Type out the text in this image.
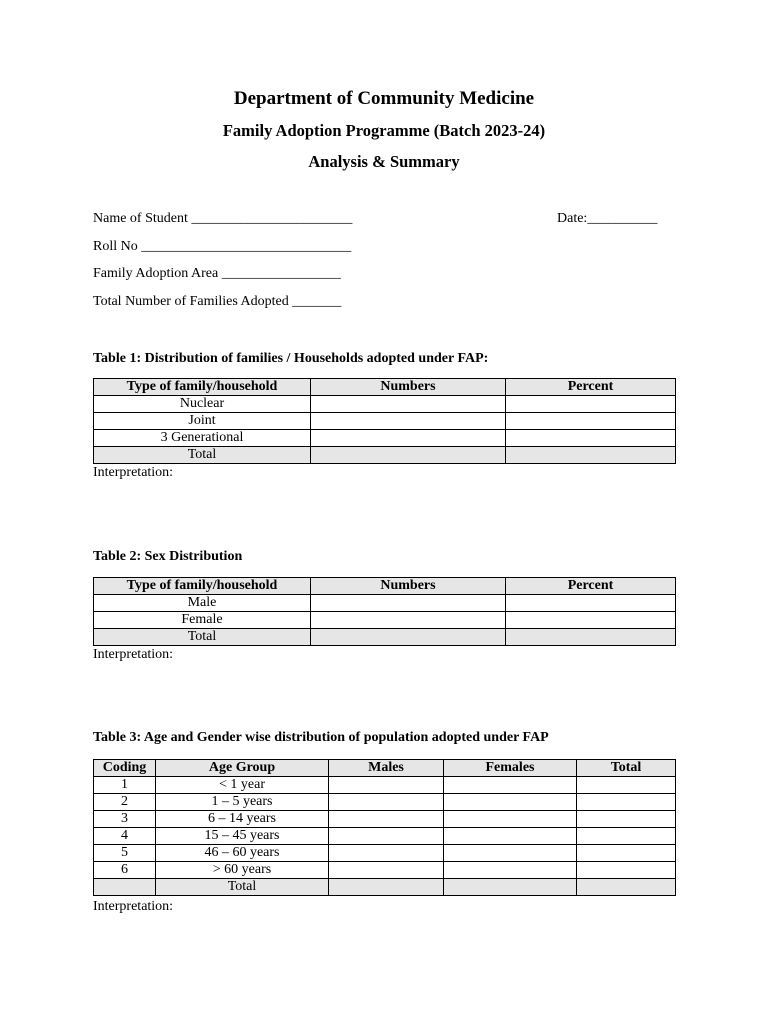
Department of Community Medicine
Family Adoption Programme (Batch 2023-24)
Analysis & Summary
Name of Student _______________________	Date:__________
Roll No ______________________________
Family Adoption Area _________________
Total Number of Families Adopted _______
Table 1: Distribution of families / Households adopted under FAP:
Type of family/household	Numbers	Percent
Nuclear		
Joint		
3 Generational		
Total		
Interpretation:
Table 2: Sex Distribution
Type of family/household	Numbers	Percent
Male		
Female		
Total		
Interpretation:
Table 3: Age and Gender wise distribution of population adopted under FAP
Coding	Age Group	Males	Females	Total
1	< 1 year			
2	1 – 5 years			
3	6 – 14 years			
4	15 – 45 years			
5	46 – 60 years			
6	> 60 years			
	Total			
Interpretation:
